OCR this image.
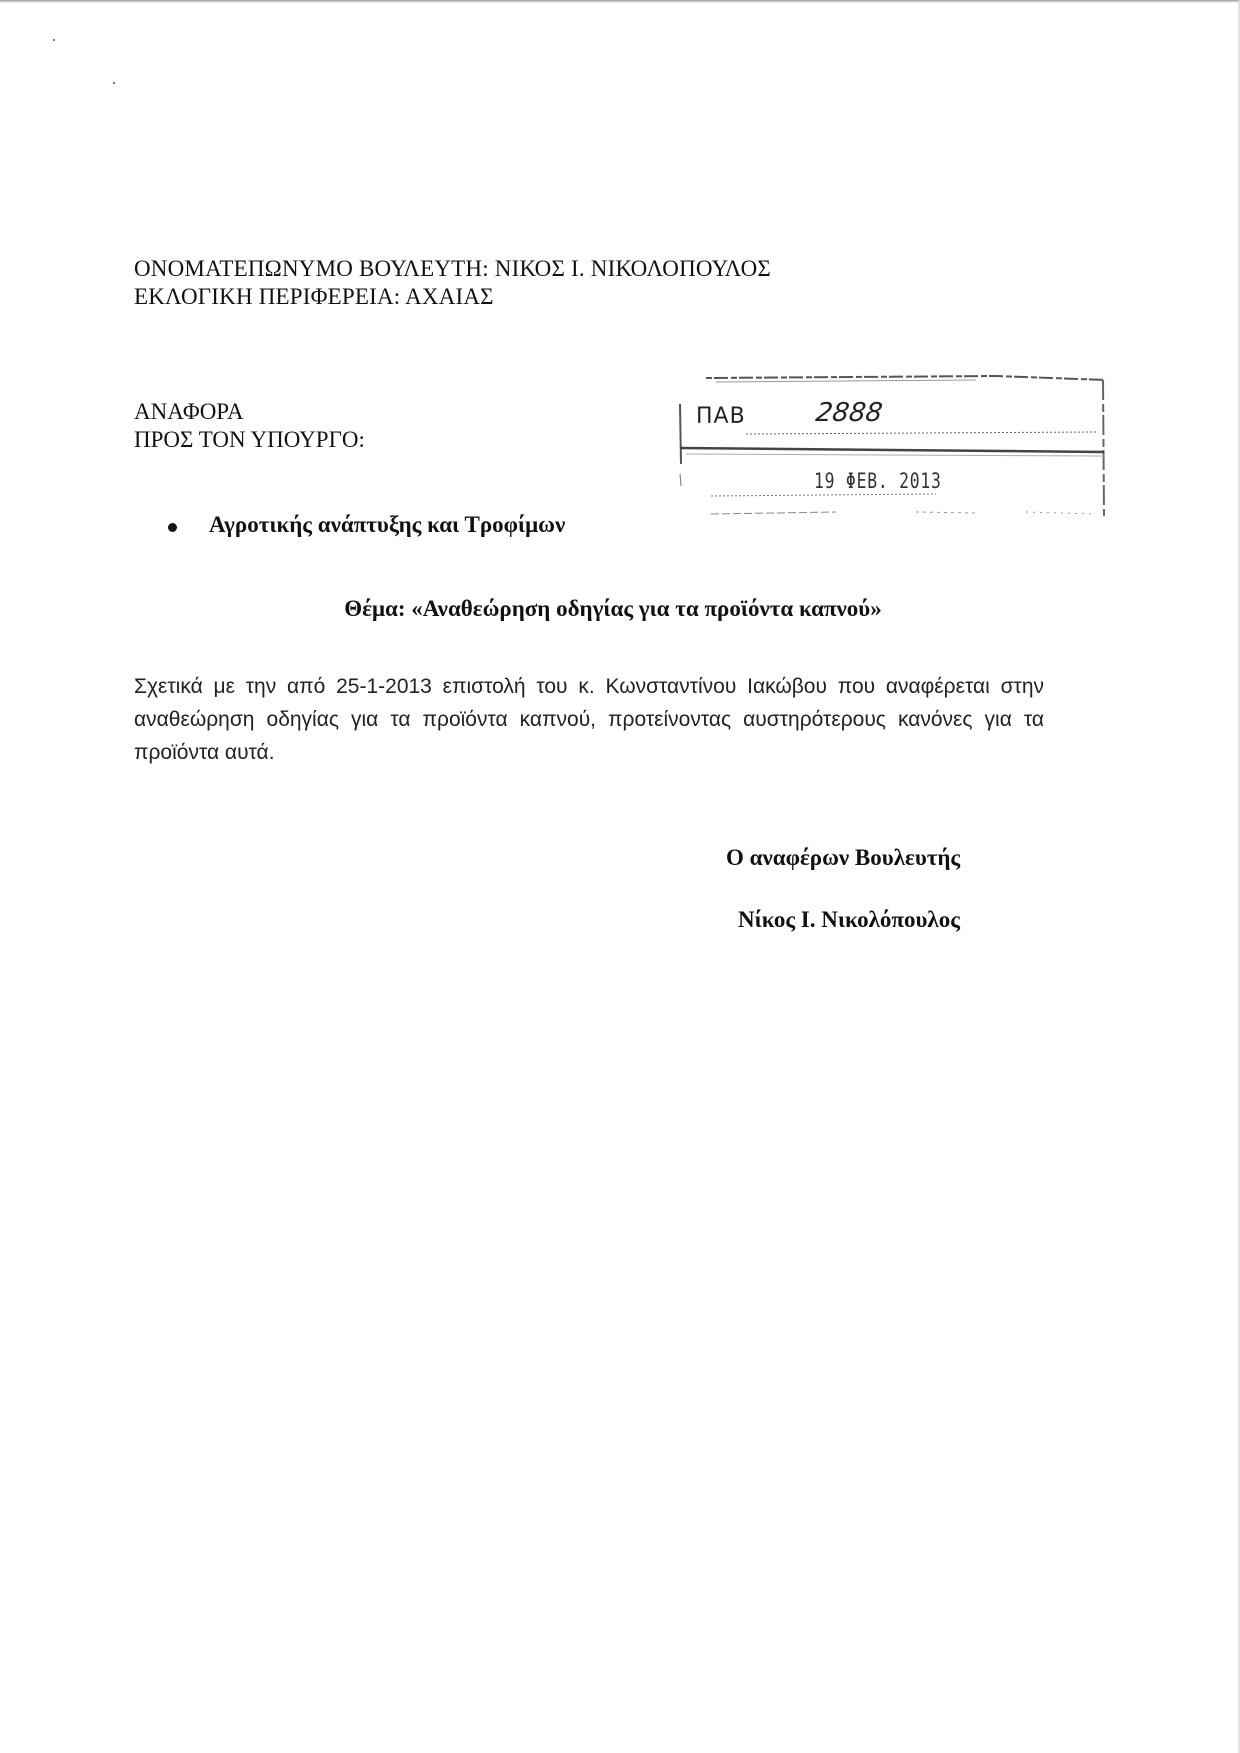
ΟΝΟΜΑΤΕΠΩΝΥΜΟ ΒΟΥΛΕΥΤΗ: ΝΙΚΟΣ Ι. ΝΙΚΟΛΟΠΟΥΛΟΣ
ΕΚΛΟΓΙΚΗ ΠΕΡΙΦΕΡΕΙΑ: ΑΧΑΙΑΣ
ΑΝΑΦΟΡΑ
ΠΡΟΣ ΤΟΝ ΥΠΟΥΡΓΟ:
Αγροτικής ανάπτυξης και Τροφίμων
ΠΑΒ	2888
19 ΦΕΒ. 2013
Θέμα: «Αναθεώρηση οδηγίας για τα προϊόντα καπνού»
Σχετικά με την από 25-1-2013 επιστολή του κ. Κωνσταντίνου Ιακώβου που αναφέρεται στην αναθεώρηση οδηγίας για τα προϊόντα καπνού, προτείνοντας αυστηρότερους κανόνες για τα προϊόντα αυτά.
Ο αναφέρων Βουλευτής
Νίκος Ι. Νικολόπουλος
